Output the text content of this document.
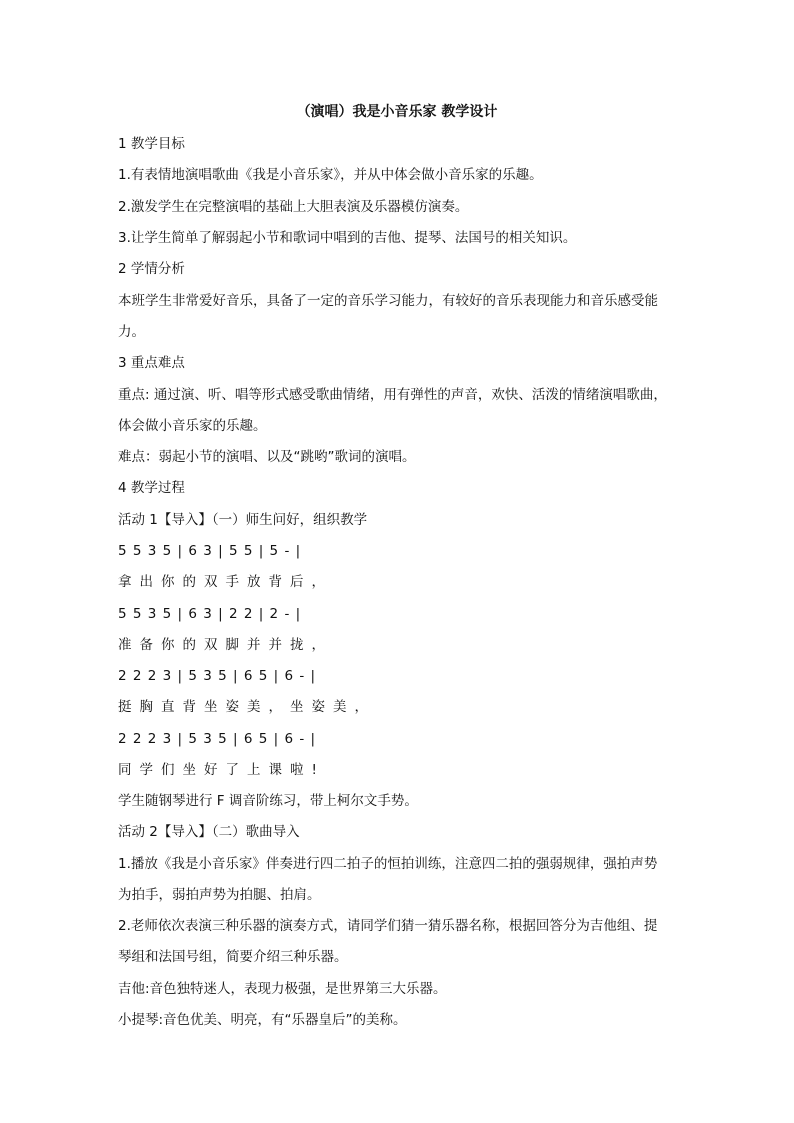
（演唱）我是小音乐家 教学设计
1 教学目标
1.有表情地演唱歌曲《我是小音乐家》，并从中体会做小音乐家的乐趣。
2.激发学生在完整演唱的基础上大胆表演及乐器模仿演奏。
3.让学生简单了解弱起小节和歌词中唱到的吉他、提琴、法国号的相关知识。
2 学情分析
本班学生非常爱好音乐，具备了一定的音乐学习能力，有较好的音乐表现能力和音乐感受能
力。
3 重点难点
重点: 通过演、听、唱等形式感受歌曲情绪，用有弹性的声音，欢快、活泼的情绪演唱歌曲，
体会做小音乐家的乐趣。
难点：弱起小节的演唱、以及“跳哟”歌词的演唱。
4 教学过程
活动 1【导入】（一）师生问好，组织教学
5 5 3 5 | 6 3 | 5 5 | 5 - |
拿出你的双手放背后，
5 5 3 5 | 6 3 | 2 2 | 2 - |
准备你的双脚并并拢，
2 2 2 3 | 5 3 5 | 6 5 | 6 - |
挺胸直背坐姿美，坐姿美，
2 2 2 3 | 5 3 5 | 6 5 | 6 - |
同学们坐好了上课啦!
学生随钢琴进行 F 调音阶练习，带上柯尔文手势。
活动 2【导入】（二）歌曲导入
1.播放《我是小音乐家》伴奏进行四二拍子的恒拍训练，注意四二拍的强弱规律，强拍声势
为拍手，弱拍声势为拍腿、拍肩。
2.老师依次表演三种乐器的演奏方式，请同学们猜一猜乐器名称，根据回答分为吉他组、提
琴组和法国号组，简要介绍三种乐器。
吉他:音色独特迷人，表现力极强，是世界第三大乐器。
小提琴:音色优美、明亮，有“乐器皇后”的美称。
